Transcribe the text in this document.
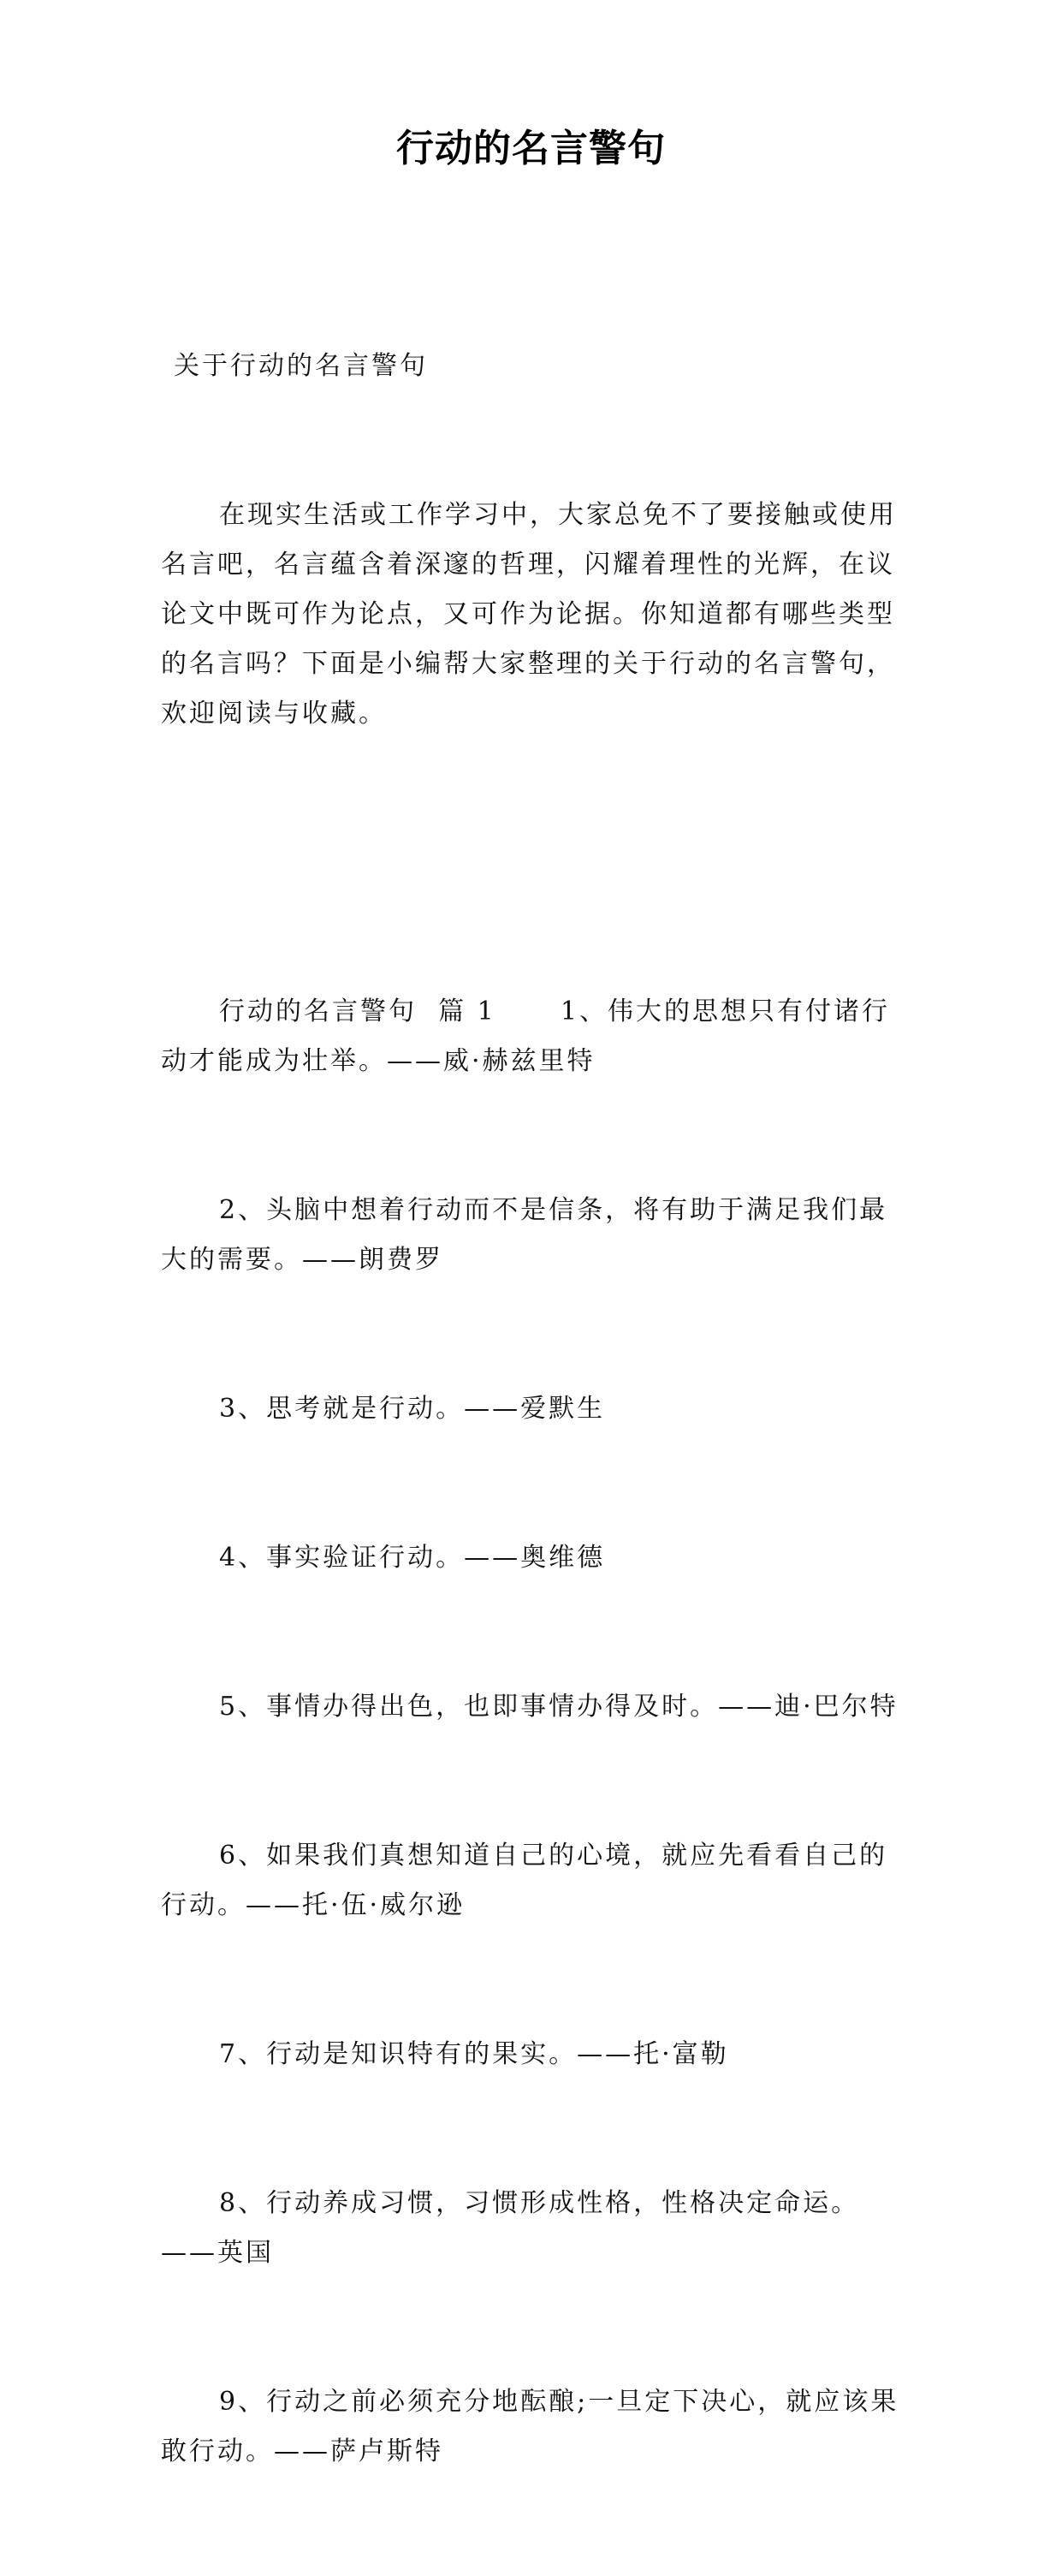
行动的名言警句

关于行动的名言警句

在现实生活或工作学习中，大家总免不了要接触或使用名言吧，名言蕴含着深邃的哲理，闪耀着理性的光辉，在议论文中既可作为论点，又可作为论据。你知道都有哪些类型的名言吗？下面是小编帮大家整理的关于行动的名言警句，欢迎阅读与收藏。

行动的名言警句  篇 1      1、伟大的思想只有付诸行动才能成为壮举。——威·赫兹里特

2、头脑中想着行动而不是信条，将有助于满足我们最大的需要。——朗费罗

3、思考就是行动。——爱默生

4、事实验证行动。——奥维德

5、事情办得出色，也即事情办得及时。——迪·巴尔特

6、如果我们真想知道自己的心境，就应先看看自己的行动。——托·伍·威尔逊

7、行动是知识特有的果实。——托·富勒

8、行动养成习惯，习惯形成性格，性格决定命运。——英国

9、行动之前必须充分地酝酿;一旦定下决心，就应该果敢行动。——萨卢斯特
